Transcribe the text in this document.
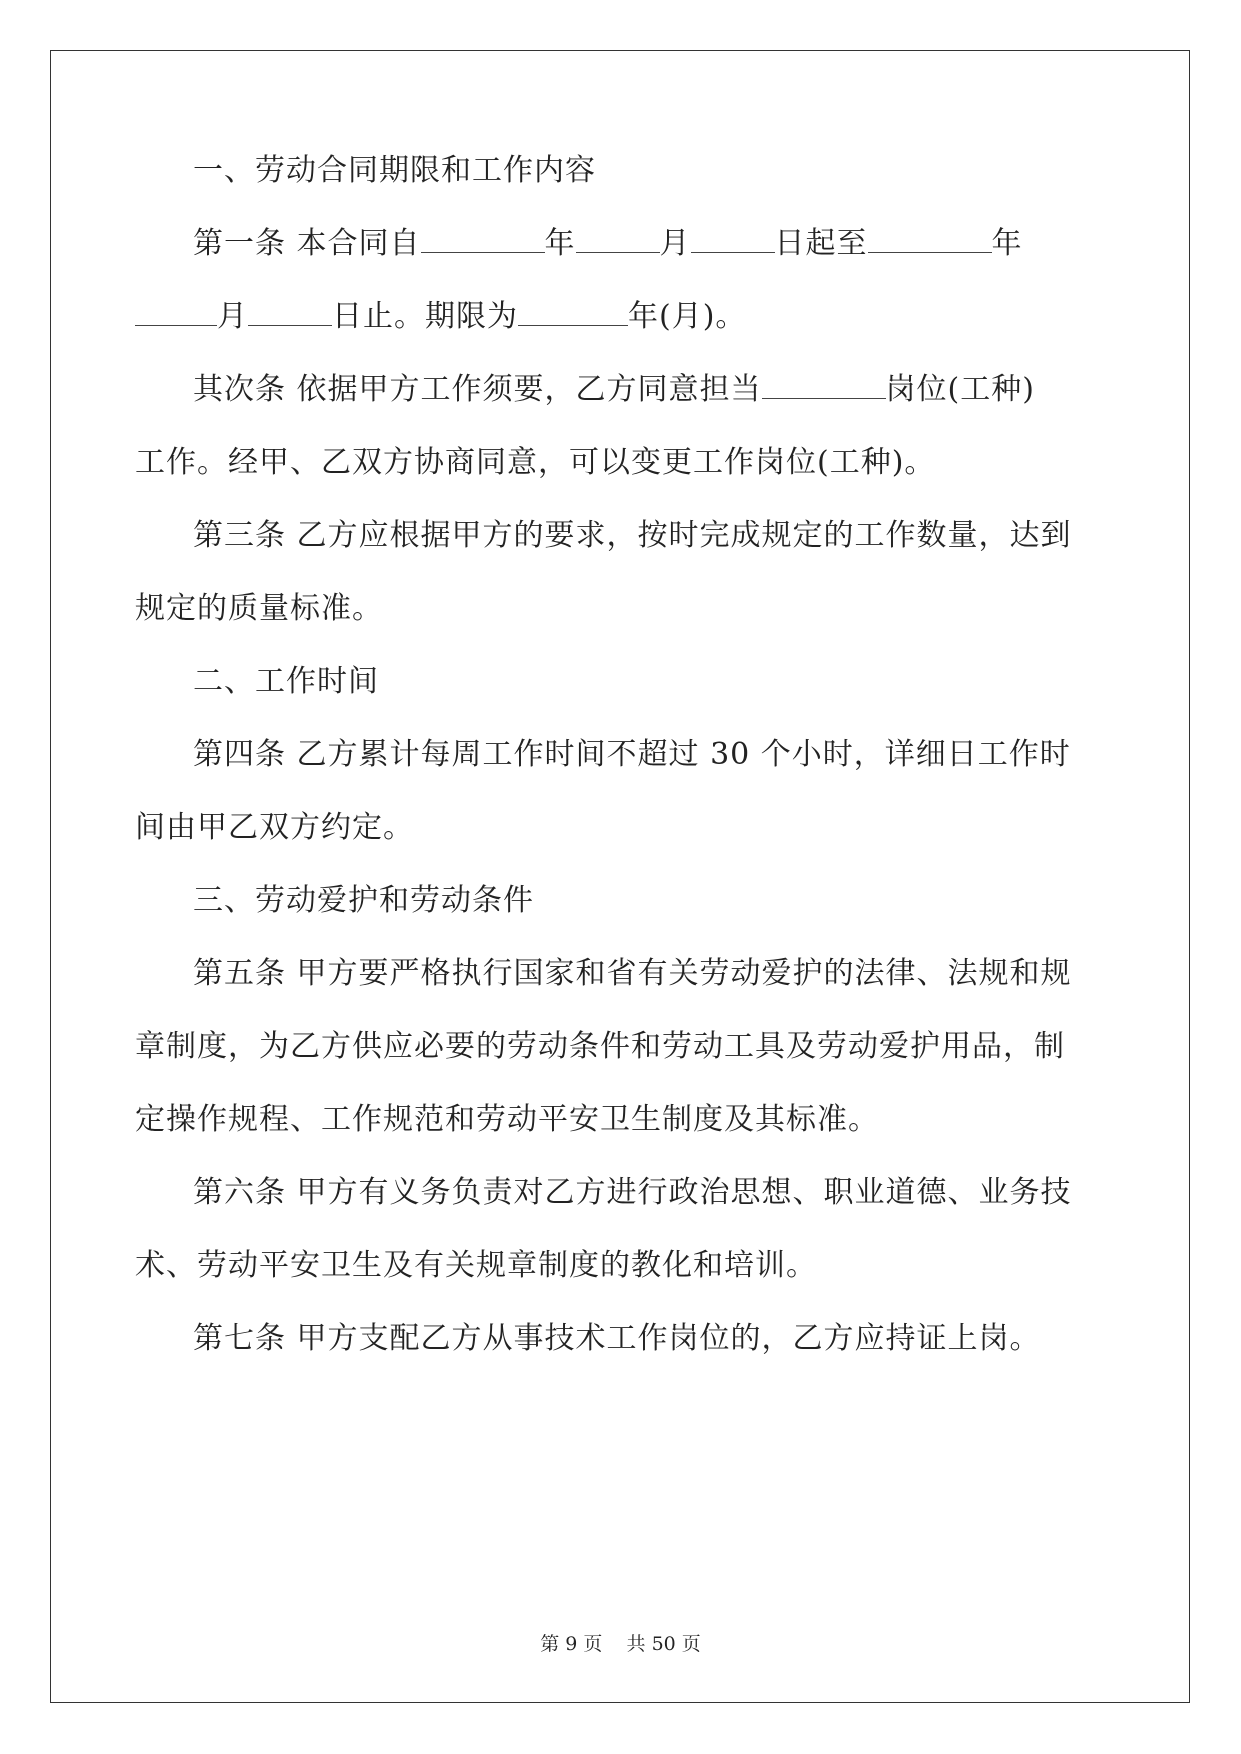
一、劳动合同期限和工作内容
第一条 本合同自	年	月	日起至	年
月	日止。期限为	年(月)。
其次条 依据甲方工作须要，乙方同意担当	岗位(工种)
工作。经甲、乙双方协商同意，可以变更工作岗位(工种)。
第三条 乙方应根据甲方的要求，按时完成规定的工作数量，达到
规定的质量标准。
二、工作时间
第四条 乙方累计每周工作时间不超过 30 个小时，详细日工作时
间由甲乙双方约定。
三、劳动爱护和劳动条件
第五条 甲方要严格执行国家和省有关劳动爱护的法律、法规和规
章制度，为乙方供应必要的劳动条件和劳动工具及劳动爱护用品，制
定操作规程、工作规范和劳动平安卫生制度及其标准。
第六条 甲方有义务负责对乙方进行政治思想、职业道德、业务技
术、劳动平安卫生及有关规章制度的教化和培训。
第七条 甲方支配乙方从事技术工作岗位的，乙方应持证上岗。
第 9 页 共 50 页
